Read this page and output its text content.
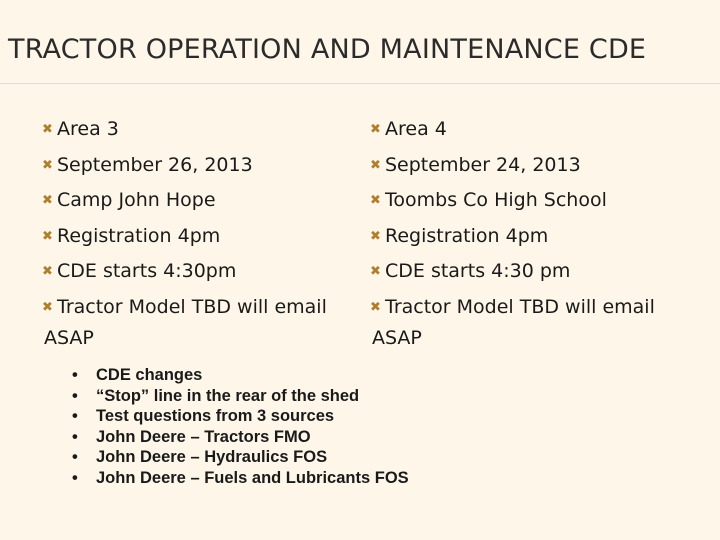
TRACTOR OPERATION AND MAINTENANCE CDE
✖ Area 3
✖ September 26, 2013
✖ Camp John Hope
✖ Registration 4pm
✖ CDE starts 4:30pm
✖ Tractor Model TBD will email ASAP
✖ Area 4
✖ September 24, 2013
✖ Toombs Co High School
✖ Registration 4pm
✖ CDE starts 4:30 pm
✖ Tractor Model TBD will email ASAP
• CDE changes
• “Stop” line in the rear of the shed
• Test questions from 3 sources
• John Deere – Tractors FMO
• John Deere – Hydraulics FOS
• John Deere – Fuels and Lubricants FOS
